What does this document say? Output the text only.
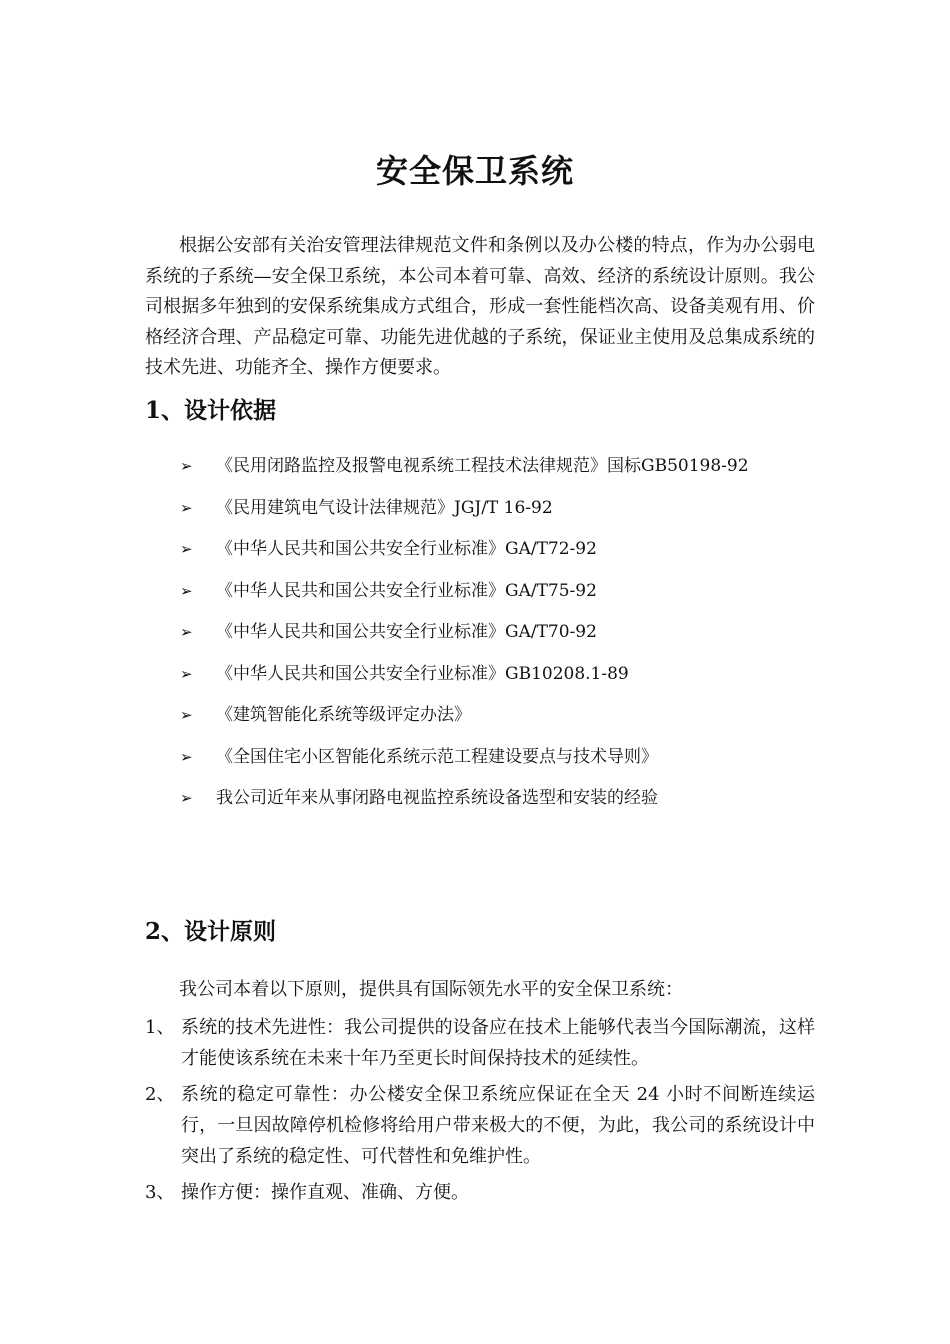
安全保卫系统

根据公安部有关治安管理法律规范文件和条例以及办公楼的特点，作为办公弱电系统的子系统—安全保卫系统，本公司本着可靠、高效、经济的系统设计原则。我公司根据多年独到的安保系统集成方式组合，形成一套性能档次高、设备美观有用、价格经济合理、产品稳定可靠、功能先进优越的子系统，保证业主使用及总集成系统的技术先进、功能齐全、操作方便要求。

1、设计依据
➢	《民用闭路监控及报警电视系统工程技术法律规范》国标GB50198-92
➢	《民用建筑电气设计法律规范》JGJ/T 16-92
➢	《中华人民共和国公共安全行业标准》GA/T72-92
➢	《中华人民共和国公共安全行业标准》GA/T75-92
➢	《中华人民共和国公共安全行业标准》GA/T70-92
➢	《中华人民共和国公共安全行业标准》GB10208.1-89
➢	《建筑智能化系统等级评定办法》
➢	《全国住宅小区智能化系统示范工程建设要点与技术导则》
➢	我公司近年来从事闭路电视监控系统设备选型和安装的经验
2、设计原则

我公司本着以下原则，提供具有国际领先水平的安全保卫系统：

1、 系统的技术先进性：我公司提供的设备应在技术上能够代表当今国际潮流，这样才能使该系统在未来十年乃至更长时间保持技术的延续性。
2、 系统的稳定可靠性：办公楼安全保卫系统应保证在全天 24 小时不间断连续运行，一旦因故障停机检修将给用户带来极大的不便，为此，我公司的系统设计中突出了系统的稳定性、可代替性和免维护性。
3、 操作方便：操作直观、准确、方便。
